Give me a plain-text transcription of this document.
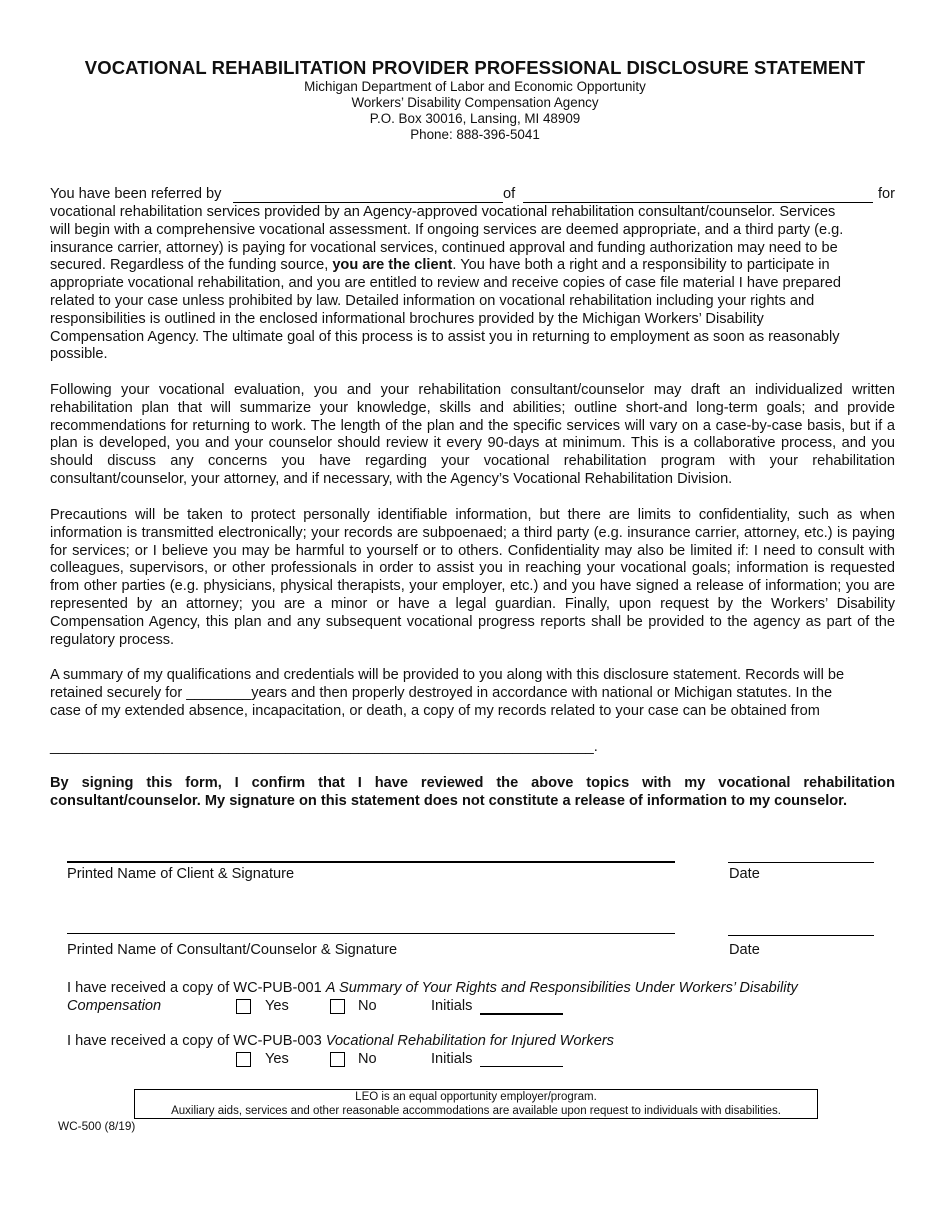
VOCATIONAL REHABILITATION PROVIDER PROFESSIONAL DISCLOSURE STATEMENT
Michigan Department of Labor and Economic Opportunity
Workers’ Disability Compensation Agency
P.O. Box 30016, Lansing, MI 48909
Phone: 888-396-5041
You have been referred by	of	for
vocational rehabilitation services provided by an Agency-approved vocational rehabilitation consultant/counselor. Services
will begin with a comprehensive vocational assessment. If ongoing services are deemed appropriate, and a third party (e.g.
insurance carrier, attorney) is paying for vocational services, continued approval and funding authorization may need to be
secured. Regardless of the funding source, you are the client. You have both a right and a responsibility to participate in
appropriate vocational rehabilitation, and you are entitled to review and receive copies of case file material I have prepared
related to your case unless prohibited by law. Detailed information on vocational rehabilitation including your rights and
responsibilities is outlined in the enclosed informational brochures provided by the Michigan Workers’ Disability
Compensation Agency. The ultimate goal of this process is to assist you in returning to employment as soon as reasonably
possible.
Following your vocational evaluation, you and your rehabilitation consultant/counselor may draft an individualized written rehabilitation plan that will summarize your knowledge, skills and abilities; outline short-and long-term goals; and provide recommendations for returning to work. The length of the plan and the specific services will vary on a case-by-case basis, but if a plan is developed, you and your counselor should review it every 90-days at minimum. This is a collaborative process, and you should discuss any concerns you have regarding your vocational rehabilitation program with your rehabilitation consultant/counselor, your attorney, and if necessary, with the Agency’s Vocational Rehabilitation Division.
Precautions will be taken to protect personally identifiable information, but there are limits to confidentiality, such as when information is transmitted electronically; your records are subpoenaed; a third party (e.g. insurance carrier, attorney, etc.) is paying for services; or I believe you may be harmful to yourself or to others. Confidentiality may also be limited if: I need to consult with colleagues, supervisors, or other professionals in order to assist you in reaching your vocational goals; information is requested from other parties (e.g. physicians, physical therapists, your employer, etc.) and you have signed a release of information; you are represented by an attorney; you are a minor or have a legal guardian. Finally, upon request by the Workers’ Disability Compensation Agency, this plan and any subsequent vocational progress reports shall be provided to the agency as part of the regulatory process.
A summary of my qualifications and credentials will be provided to you along with this disclosure statement. Records will be
retained securely for ________years and then properly destroyed in accordance with national or Michigan statutes. In the
case of my extended absence, incapacitation, or death, a copy of my records related to your case can be obtained from
___________________________________________________________________.
By signing this form, I confirm that I have reviewed the above topics with my vocational rehabilitation consultant/counselor. My signature on this statement does not constitute a release of information to my counselor.
Printed Name of Client & Signature	Date
Printed Name of Consultant/Counselor & Signature	Date
I have received a copy of WC-PUB-001 A Summary of Your Rights and Responsibilities Under Workers’ Disability
Compensation	Yes	No	Initials
I have received a copy of WC-PUB-003 Vocational Rehabilitation for Injured Workers
Yes	No	Initials
LEO is an equal opportunity employer/program.
Auxiliary aids, services and other reasonable accommodations are available upon request to individuals with disabilities.
WC-500 (8/19)
